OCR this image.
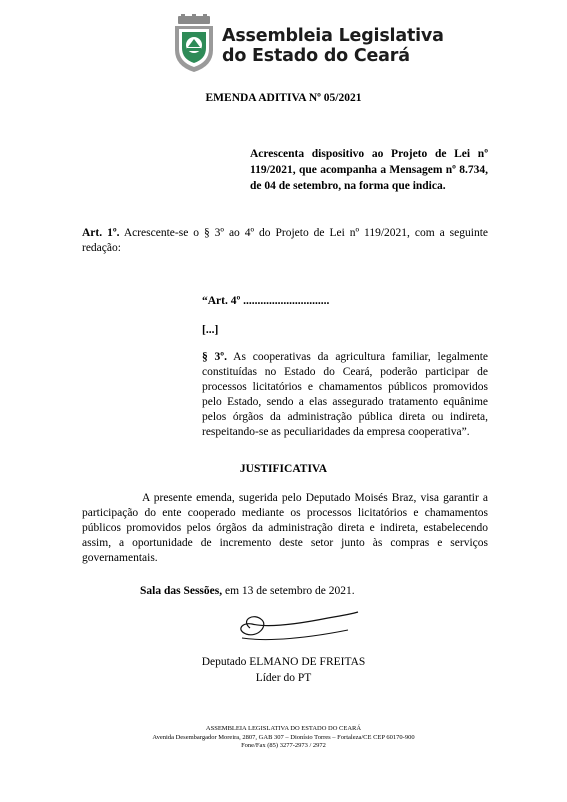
Assembleia Legislativa
do Estado do Ceará
EMENDA ADITIVA Nº 05/2021
Acrescenta dispositivo ao Projeto de Lei nº 119/2021, que acompanha a Mensagem nº 8.734, de 04 de setembro, na forma que indica.
Art. 1º. Acrescente-se o § 3º ao 4º do Projeto de Lei nº 119/2021, com a seguinte redação:
“Art. 4º ..............................
[...]
§ 3º. As cooperativas da agricultura familiar, legalmente constituídas no Estado do Ceará, poderão participar de processos licitatórios e chamamentos públicos promovidos pelo Estado, sendo a elas assegurado tratamento equânime pelos órgãos da administração pública direta ou indireta, respeitando-se as peculiaridades da empresa cooperativa”.
JUSTIFICATIVA
A presente emenda, sugerida pelo Deputado Moisés Braz, visa garantir a participação do ente cooperado mediante os processos licitatórios e chamamentos públicos promovidos pelos órgãos da administração direta e indireta, estabelecendo assim, a oportunidade de incremento deste setor junto às compras e serviços governamentais.
Sala das Sessões, em 13 de setembro de 2021.
Deputado ELMANO DE FREITAS
Líder do PT
ASSEMBLEIA LEGISLATIVA DO ESTADO DO CEARÁ
Avenida Desembargador Moreira, 2807, GAB 307 – Dionísio Torres – Fortaleza/CE CEP 60170-900
Fone/Fax (85) 3277-2973 / 2972
